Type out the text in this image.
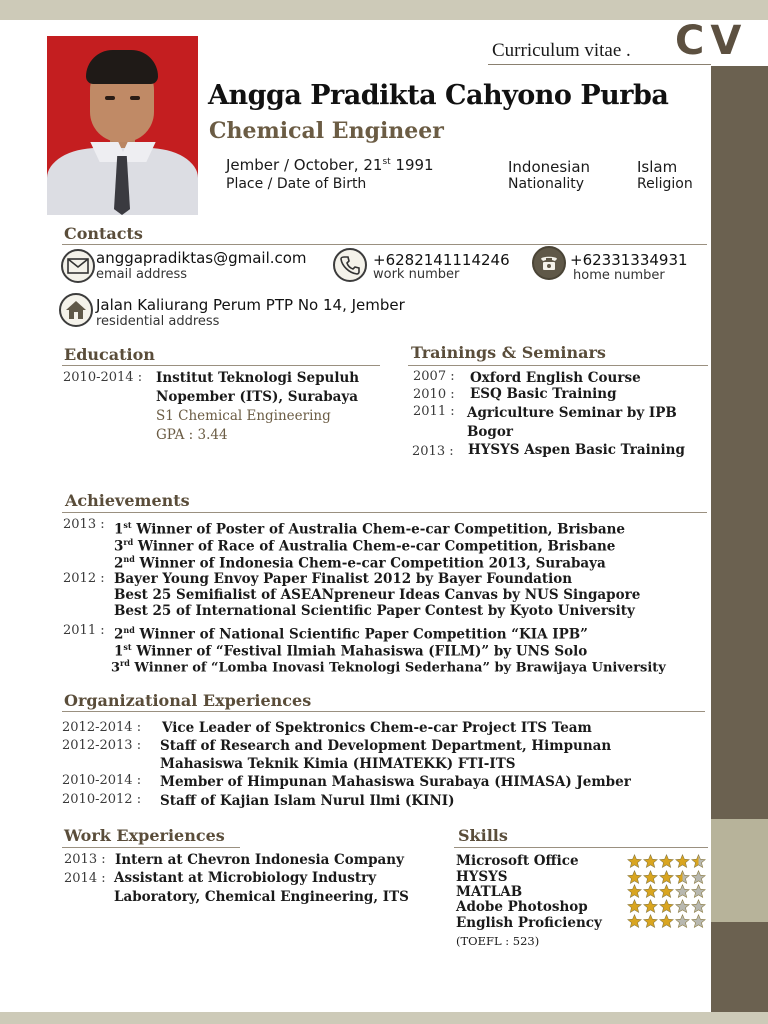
CV
Curriculum vitae .
Angga Pradikta Cahyono Purba
Chemical Engineer
Jember / October, 21st 1991
Place / Date of Birth
Indonesian
Nationality
Islam
Religion
Contacts
anggapradiktas@gmail.com
email address
+6282141114246
work number
+62331334931
home number
Jalan Kaliurang Perum PTP No 14, Jember
residential address
Education
2010-2014 : Institut Teknologi Sepuluh
Nopember (ITS), Surabaya
S1 Chemical Engineering
GPA : 3.44
Trainings & Seminars
2007 : Oxford English Course
2010 : ESQ Basic Training
2011 : Agriculture Seminar by IPB
Bogor
2013 : HYSYS Aspen Basic Training
Achievements
2013 : 1st Winner of Poster of Australia Chem-e-car Competition, Brisbane
3rd Winner of Race of Australia Chem-e-car Competition, Brisbane
2nd Winner of Indonesia Chem-e-car Competition 2013, Surabaya
2012 : Bayer Young Envoy Paper Finalist 2012 by Bayer Foundation
Best 25 Semifialist of ASEANpreneur Ideas Canvas by NUS Singapore
Best 25 of International Scientific Paper Contest by Kyoto University
2011 : 2nd Winner of National Scientific Paper Competition “KIA IPB”
1st Winner of “Festival Ilmiah Mahasiswa (FILM)” by UNS Solo
3rd Winner of “Lomba Inovasi Teknologi Sederhana” by Brawijaya University
Organizational Experiences
2012-2014 : Vice Leader of Spektronics Chem-e-car Project ITS Team
2012-2013 : Staff of Research and Development Department, Himpunan
Mahasiswa Teknik Kimia (HIMATEKK) FTI-ITS
2010-2014 : Member of Himpunan Mahasiswa Surabaya (HIMASA) Jember
2010-2012 : Staff of Kajian Islam Nurul Ilmi (KINI)
Work Experiences
2013 : Intern at Chevron Indonesia Company
2014 : Assistant at Microbiology Industry
Laboratory, Chemical Engineering, ITS
Skills
Microsoft Office
HYSYS
MATLAB
Adobe Photoshop
English Proficiency
(TOEFL : 523)
